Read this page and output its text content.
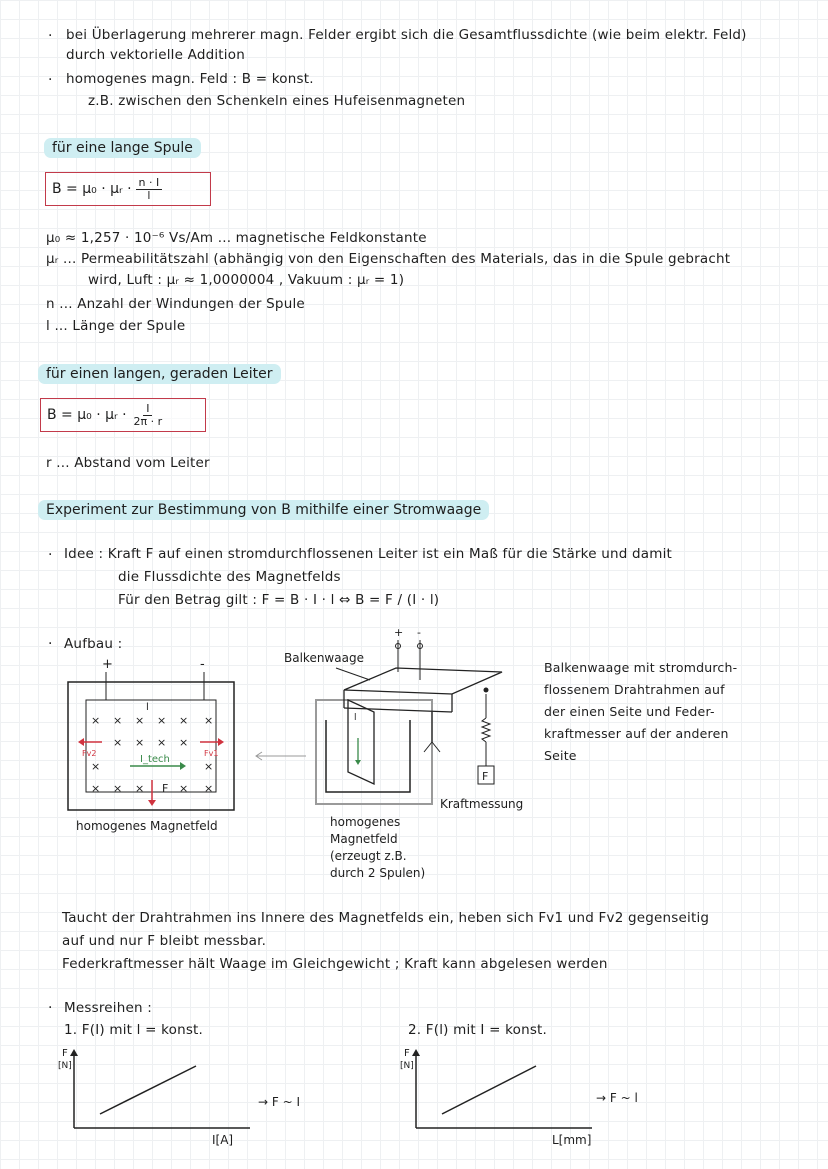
· bei Überlagerung mehrerer magn. Felder ergibt sich die Gesamtflussdichte (wie beim elektr. Feld)
durch vektorielle Addition
· homogenes magn. Feld : B = konst.
z.B. zwischen den Schenkeln eines Hufeisenmagneten
für eine lange Spule
B = μ₀ · μᵣ · $\frac{n \cdot I}{l}$
μ₀ ≈ 1,257 · 10⁻⁶ Vs/Am ... magnetische Feldkonstante
μᵣ ... Permeabilitätszahl (abhängig von den Eigenschaften des Materials, das in die Spule gebracht
wird, Luft : μᵣ ≈ 1,0000004 , Vakuum : μᵣ = 1)
n ... Anzahl der Windungen der Spule
l ... Länge der Spule
für einen langen, geraden Leiter
B = μ₀ · μᵣ · $\frac{I}{2\pi \cdot r}$
r ... Abstand vom Leiter
Experiment zur Bestimmung von B mithilfe einer Stromwaage
· Idee : Kraft F auf einen stromdurchflossenen Leiter ist ein Maß für die Stärke und damit
die Flussdichte des Magnetfelds
Für den Betrag gilt : F = B · I · l ⇔ B = F / (I · l)
· Aufbau :
+	-
l
× × × × × ×
× × × ×
×	×
× × ×	× ×
I_tech
F
Fv2	Fv1
homogenes Magnetfeld
Balkenwaage
+ -
l
F
Kraftmessung
homogenes
Magnetfeld
(erzeugt z.B.
durch 2 Spulen)
F
[N]
I[A]
→ F ~ I
F
[N]
L[mm]
→ F ~ l
Balkenwaage mit stromdurch-
flossenem Drahtrahmen auf
der einen Seite und Feder-
kraftmesser auf der anderen
Seite
Taucht der Drahtrahmen ins Innere des Magnetfelds ein, heben sich Fv1 und Fv2 gegenseitig
auf und nur F bleibt messbar.
Federkraftmesser hält Waage im Gleichgewicht ; Kraft kann abgelesen werden
· Messreihen :
1. F(I) mit l = konst.	2. F(l) mit I = konst.
